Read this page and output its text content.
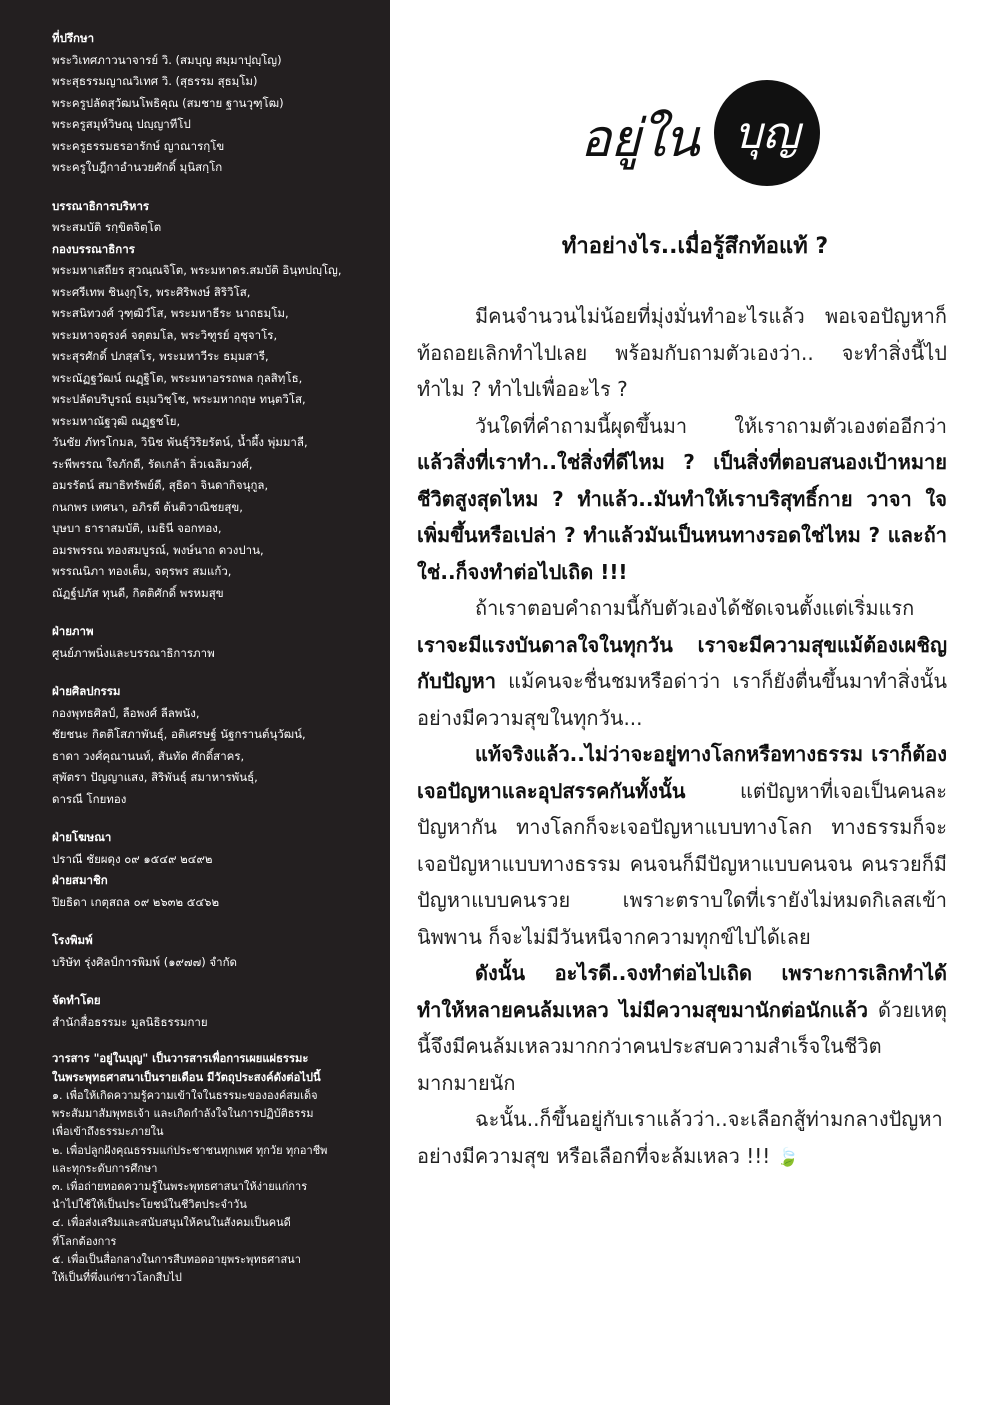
ที่ปรึกษา
พระวิเทศภาวนาจารย์ วิ. (สมบุญ สมฺมาปุญฺโญ)
พระสุธรรมญาณวิเทศ วิ. (สุธรรม สุธมฺโม)
พระครูปลัดสุวัฒนโพธิคุณ (สมชาย ฐานวุฑฺโฒ)
พระครูสมุห์วิษณุ ปญฺญาทีโป
พระครูธรรมธรอารักษ์ ญาณารกฺโข
พระครูใบฎีกาอำนวยศักดิ์ มุนิสกฺโก
บรรณาธิการบริหาร
พระสมบัติ รกฺขิตจิตฺโต
กองบรรณาธิการ
พระมหาเสถียร สุวณฺณจิโต, พระมหาดร.สมบัติ อินฺทปญฺโญ,
พระศรีเทพ ชินงฺกุโร, พระศิริพงษ์ สิริวิโส,
พระสนิทวงศ์ วุฑฺฒิวํโส, พระมหาธีระ นาถธมฺโม,
พระมหาจตุรงค์ จตฺตมโล, พระวิฑูรย์ อุชุจาโร,
พระสุรศักดิ์ ปภสฺสโร, พระมหาวีระ ธมฺมสารี,
พระณัฏฐวัฒน์ ณฏฺฐิโต, พระมหาอรรถพล กุลสิทฺโธ,
พระปลัดบริบูรณ์ ธมฺมวิชฺโช, พระมหากฤษ ทนฺตวิโส,
พระมหาณัฐวุฒิ ณฏฺฐชโย,
วันชัย ภัทรโกมล, วินิช พันธุ์วิริยรัตน์, น้ำผึ้ง พุ่มมาลี,
ระพีพรรณ ใจภักดี, รัดเกล้า ลิ่วเฉลิมวงศ์,
อมรรัตน์ สมาธิทรัพย์ดี, สุธิดา จินดากิจนุกูล,
กนกพร เทศนา, อภิรดี ต้นติวาณิชยสุข,
บุษบา ธาราสมบัติ, เมธินี จอกทอง,
อมรพรรณ ทองสมบูรณ์, พงษ์นาถ ดวงปาน,
พรรณนิภา ทองเต็ม, จตุรพร สมแก้ว,
ณัฏฐ์ปภัส ทุนดี, กิตติศักดิ์ พรหมสุข
ฝ่ายภาพ
ศูนย์ภาพนิ่งและบรรณาธิการภาพ
ฝ่ายศิลปกรรม
กองพุทธศิลป์, ลือพงศ์ ลีลพนัง,
ชัยชนะ กิตติโสภาพันธุ์, อติเศรษฐ์ นัฐกรานต์นุวัฒน์,
ธาดา วงศ์คุณานนท์, สันทัด ศักดิ์สาคร,
สุพัตรา ปัญญาแสง, สิริพันธุ์ สมาหารพันธุ์,
ดารณี โกยทอง
ฝ่ายโฆษณา
ปราณี ชัยผดุง ๐๙ ๑๕๔๙ ๒๔๙๒
ฝ่ายสมาชิก
ปิยธิดา เกตุสถล ๐๙ ๒๖๓๒ ๕๔๖๒
โรงพิมพ์
บริษัท รุ่งศิลป์การพิมพ์ (๑๙๗๗) จำกัด
จัดทำโดย
สำนักสื่อธรรมะ มูลนิธิธรรมกาย
วารสาร "อยู่ในบุญ" เป็นวารสารเพื่อการเผยแผ่ธรรมะ
ในพระพุทธศาสนาเป็นรายเดือน มีวัตถุประสงค์ดังต่อไปนี้
๑. เพื่อให้เกิดความรู้ความเข้าใจในธรรมะขององค์สมเด็จ
พระสัมมาสัมพุทธเจ้า และเกิดกำลังใจในการปฏิบัติธรรม
เพื่อเข้าถึงธรรมะภายใน
๒. เพื่อปลูกฝังคุณธรรมแก่ประชาชนทุกเพศ ทุกวัย ทุกอาชีพ
และทุกระดับการศึกษา
๓. เพื่อถ่ายทอดความรู้ในพระพุทธศาสนาให้ง่ายแก่การ
นำไปใช้ให้เป็นประโยชน์ในชีวิตประจำวัน
๔. เพื่อส่งเสริมและสนับสนุนให้คนในสังคมเป็นคนดี
ที่โลกต้องการ
๕. เพื่อเป็นสื่อกลางในการสืบทอดอายุพระพุทธศาสนา
ให้เป็นที่พึ่งแก่ชาวโลกสืบไป
อยู่ใน บุญ
ทำอย่างไร..เมื่อรู้สึกท้อแท้ ?

มีคนจำนวนไม่น้อยที่มุ่งมั่นทำอะไรแล้ว พอเจอปัญหาก็ท้อถอยเลิกทำไปเลย พร้อมกับถามตัวเองว่า.. จะทำสิ่งนี้ไปทำไม ? ทำไปเพื่ออะไร ?

วันใดที่คำถามนี้ผุดขึ้นมา ให้เราถามตัวเองต่ออีกว่า แล้วสิ่งที่เราทำ..ใช่สิ่งที่ดีไหม ? เป็นสิ่งที่ตอบสนองเป้าหมายชีวิตสูงสุดไหม ? ทำแล้ว..มันทำให้เราบริสุทธิ์กาย วาจา ใจ เพิ่มขึ้นหรือเปล่า ? ทำแล้วมันเป็นหนทางรอดใช่ไหม ? และถ้าใช่..ก็จงทำต่อไปเถิด !!!

ถ้าเราตอบคำถามนี้กับตัวเองได้ชัดเจนตั้งแต่เริ่มแรก เราจะมีแรงบันดาลใจในทุกวัน เราจะมีความสุขแม้ต้องเผชิญกับปัญหา แม้คนจะชื่นชมหรือด่าว่า เราก็ยังตื่นขึ้นมาทำสิ่งนั้นอย่างมีความสุขในทุกวัน...

แท้จริงแล้ว..ไม่ว่าจะอยู่ทางโลกหรือทางธรรม เราก็ต้องเจอปัญหาและอุปสรรคกันทั้งนั้น	แต่ปัญหาที่เจอเป็นคนละปัญหากัน ทางโลกก็จะเจอปัญหาแบบทางโลก ทางธรรมก็จะเจอปัญหาแบบทางธรรม คนจนก็มีปัญหาแบบคนจน คนรวยก็มีปัญหาแบบคนรวย เพราะตราบใดที่เรายังไม่หมดกิเลสเข้านิพพาน ก็จะไม่มีวันหนีจากความทุกข์ไปได้เลย

ดังนั้น อะไรดี..จงทำต่อไปเถิด เพราะการเลิกทำได้ทำให้หลายคนล้มเหลว ไม่มีความสุขมานักต่อนักแล้ว ด้วยเหตุนี้จึงมีคนล้มเหลวมากกว่าคนประสบความสำเร็จในชีวิตมากมายนัก

ฉะนั้น..ก็ขึ้นอยู่กับเราแล้วว่า..จะเลือกสู้ท่ามกลางปัญหาอย่างมีความสุข หรือเลือกที่จะล้มเหลว !!! 🍃
